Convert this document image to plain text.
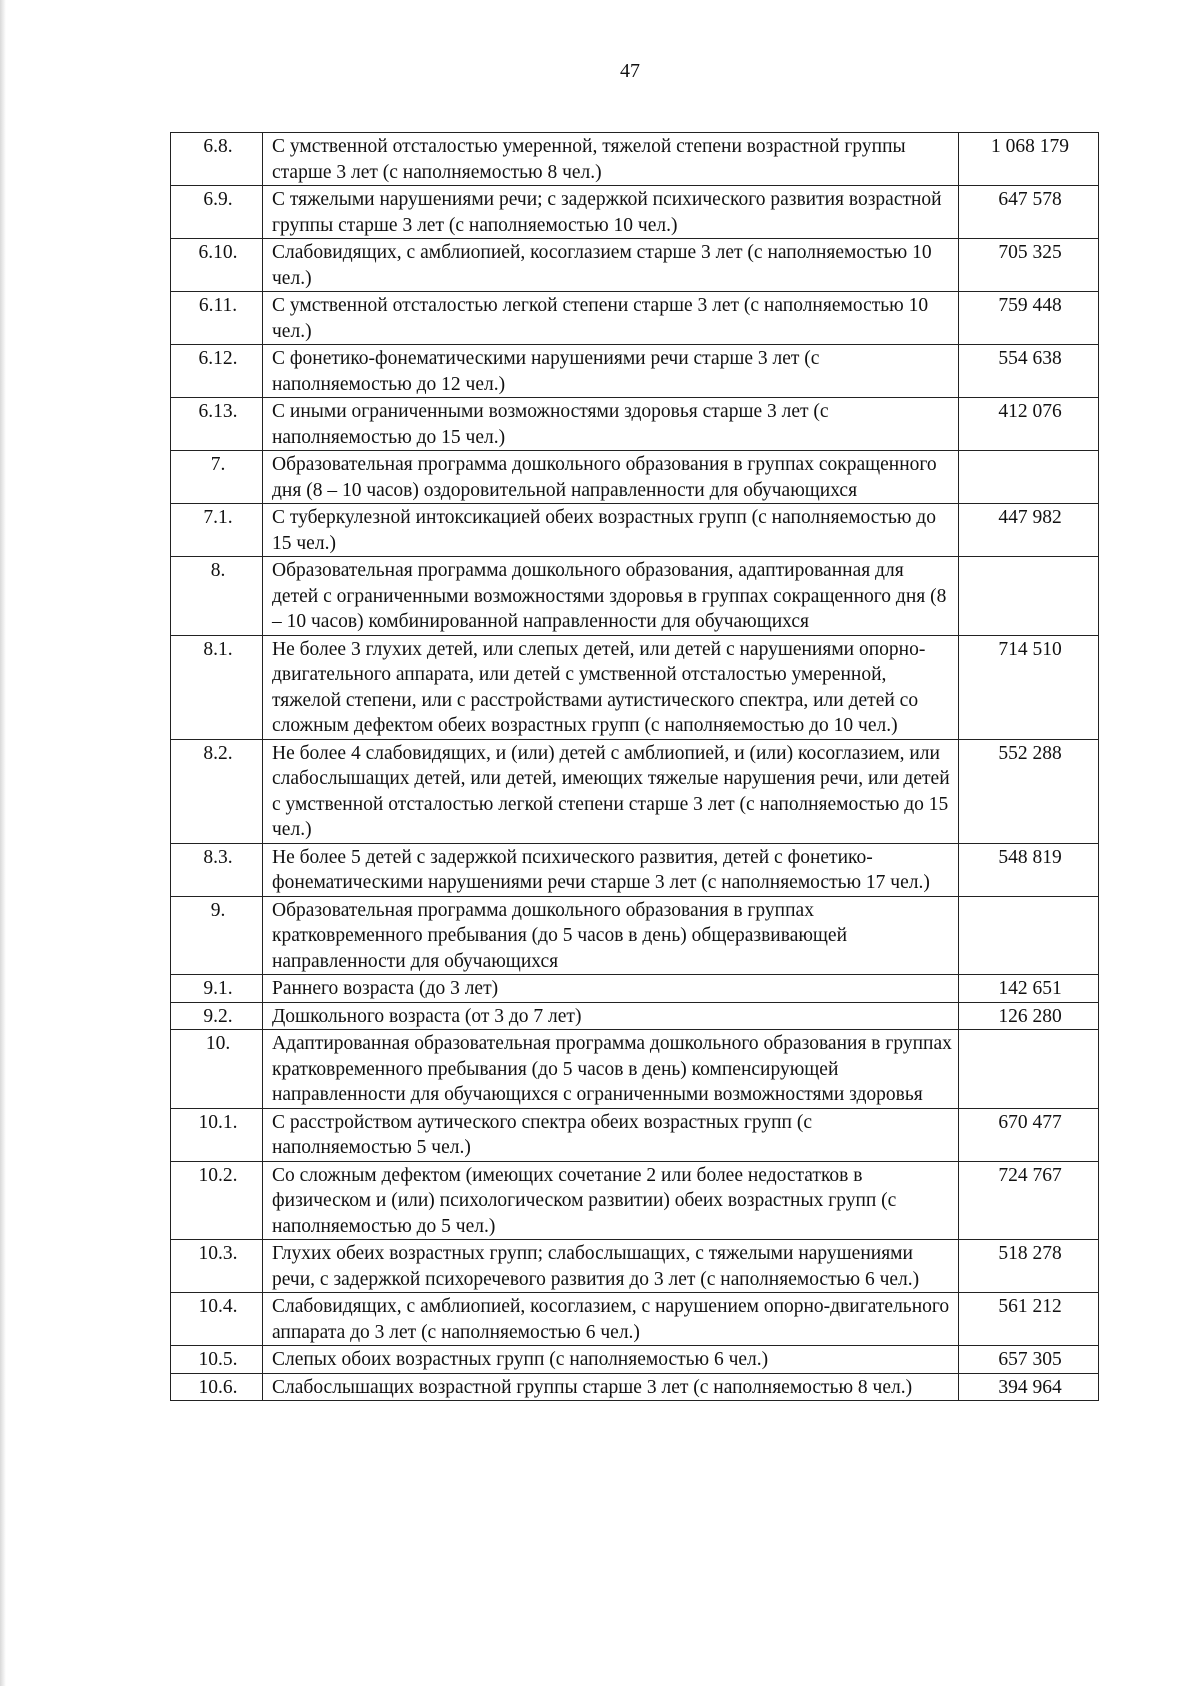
47
6.8.	С умственной отсталостью умеренной, тяжелой степени возрастной группы старше 3 лет (с наполняемостью 8 чел.)	1 068 179
6.9.	С тяжелыми нарушениями речи; с задержкой психического развития возрастной группы старше 3 лет (с наполняемостью 10 чел.)	647 578
6.10.	Слабовидящих, с амблиопией, косоглазием старше 3 лет (с наполняемостью 10 чел.)	705 325
6.11.	С умственной отсталостью легкой степени старше 3 лет (с наполняемостью 10 чел.)	759 448
6.12.	С фонетико-фонематическими нарушениями речи старше 3 лет (с наполняемостью до 12 чел.)	554 638
6.13.	С иными ограниченными возможностями здоровья старше 3 лет (с наполняемостью до 15 чел.)	412 076
7.	Образовательная программа дошкольного образования в группах сокращенного дня (8 – 10 часов) оздоровительной направленности для обучающихся	
7.1.	С туберкулезной интоксикацией обеих возрастных групп (с наполняемостью до 15 чел.)	447 982
8.	Образовательная программа дошкольного образования, адаптированная для детей с ограниченными возможностями здоровья в группах сокращенного дня (8 – 10 часов) комбинированной направленности для обучающихся	
8.1.	Не более 3 глухих детей, или слепых детей, или детей с нарушениями опорно-двигательного аппарата, или детей с умственной отсталостью умеренной, тяжелой степени, или с расстройствами аутистического спектра, или детей со сложным дефектом обеих возрастных групп (с наполняемостью до 10 чел.)	714 510
8.2.	Не более 4 слабовидящих, и (или) детей с амблиопией, и (или) косоглазием, или слабослышащих детей, или детей, имеющих тяжелые нарушения речи, или детей с умственной отсталостью легкой степени старше 3 лет (с наполняемостью до 15 чел.)	552 288
8.3.	Не более 5 детей с задержкой психического развития, детей с фонетико-фонематическими нарушениями речи старше 3 лет (с наполняемостью 17 чел.)	548 819
9.	Образовательная программа дошкольного образования в группах кратковременного пребывания (до 5 часов в день) общеразвивающей направленности для обучающихся	
9.1.	Раннего возраста (до 3 лет)	142 651
9.2.	Дошкольного возраста (от 3 до 7 лет)	126 280
10.	Адаптированная образовательная программа дошкольного образования в группах кратковременного пребывания (до 5 часов в день) компенсирующей направленности для обучающихся с ограниченными возможностями здоровья	
10.1.	С расстройством аутического спектра обеих возрастных групп (с наполняемостью 5 чел.)	670 477
10.2.	Со сложным дефектом (имеющих сочетание 2 или более недостатков в физическом и (или) психологическом развитии) обеих возрастных групп (с наполняемостью до 5 чел.)	724 767
10.3.	Глухих обеих возрастных групп; слабослышащих, с тяжелыми нарушениями речи, с задержкой психоречевого развития до 3 лет (с наполняемостью 6 чел.)	518 278
10.4.	Слабовидящих, с амблиопией, косоглазием, с нарушением опорно-двигательного аппарата до 3 лет (с наполняемостью 6 чел.)	561 212
10.5.	Слепых обоих возрастных групп (с наполняемостью 6 чел.)	657 305
10.6.	Слабослышащих возрастной группы старше 3 лет (с наполняемостью 8 чел.)	394 964
